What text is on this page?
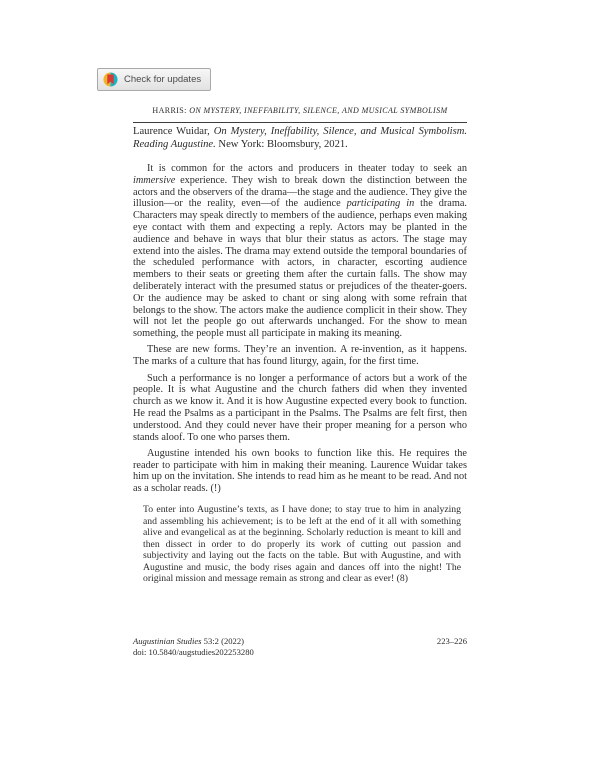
Check for updates
HARRIS: ON MYSTERY, INEFFABILITY, SILENCE, AND MUSICAL SYMBOLISM
Laurence Wuidar, On Mystery, Ineffability, Silence, and Musical Symbolism. Reading Augustine. New York: Bloomsbury, 2021.

It is common for the actors and producers in theater today to seek an immersive experience. They wish to break down the distinction between the actors and the observers of the drama—the stage and the audience. They give the illusion—or the reality, even—of the audience participating in the drama. Characters may speak directly to members of the audience, perhaps even making eye contact with them and expecting a reply. Actors may be planted in the audience and behave in ways that blur their status as actors. The stage may extend into the aisles. The drama may extend outside the temporal boundaries of the scheduled performance with actors, in character, escorting audience members to their seats or greeting them after the curtain falls. The show may deliberately interact with the presumed status or prejudices of the theater-goers. Or the audience may be asked to chant or sing along with some refrain that belongs to the show. The actors make the audience complicit in their show. They will not let the people go out afterwards unchanged. For the show to mean something, the people must all participate in making its meaning.

These are new forms. They’re an invention. A re-invention, as it happens. The marks of a culture that has found liturgy, again, for the first time.

Such a performance is no longer a performance of actors but a work of the people. It is what Augustine and the church fathers did when they invented church as we know it. And it is how Augustine expected every book to function. He read the Psalms as a participant in the Psalms. The Psalms are felt first, then understood. And they could never have their proper meaning for a person who stands aloof. To one who parses them.

Augustine intended his own books to function like this. He requires the reader to participate with him in making their meaning. Laurence Wuidar takes him up on the invitation. She intends to read him as he meant to be read. And not as a scholar reads. (!)

To enter into Augustine’s texts, as I have done; to stay true to him in analyzing and assembling his achievement; is to be left at the end of it all with something alive and evangelical as at the beginning. Scholarly reduction is meant to kill and then dissect in order to do properly its work of cutting out passion and subjectivity and laying out the facts on the table. But with Augustine, and with Augustine and music, the body rises again and dances off into the night! The original mission and message remain as strong and clear as ever! (8)
Augustinian Studies 53:2 (2022)
doi: 10.5840/augstudies202253280
223–226
